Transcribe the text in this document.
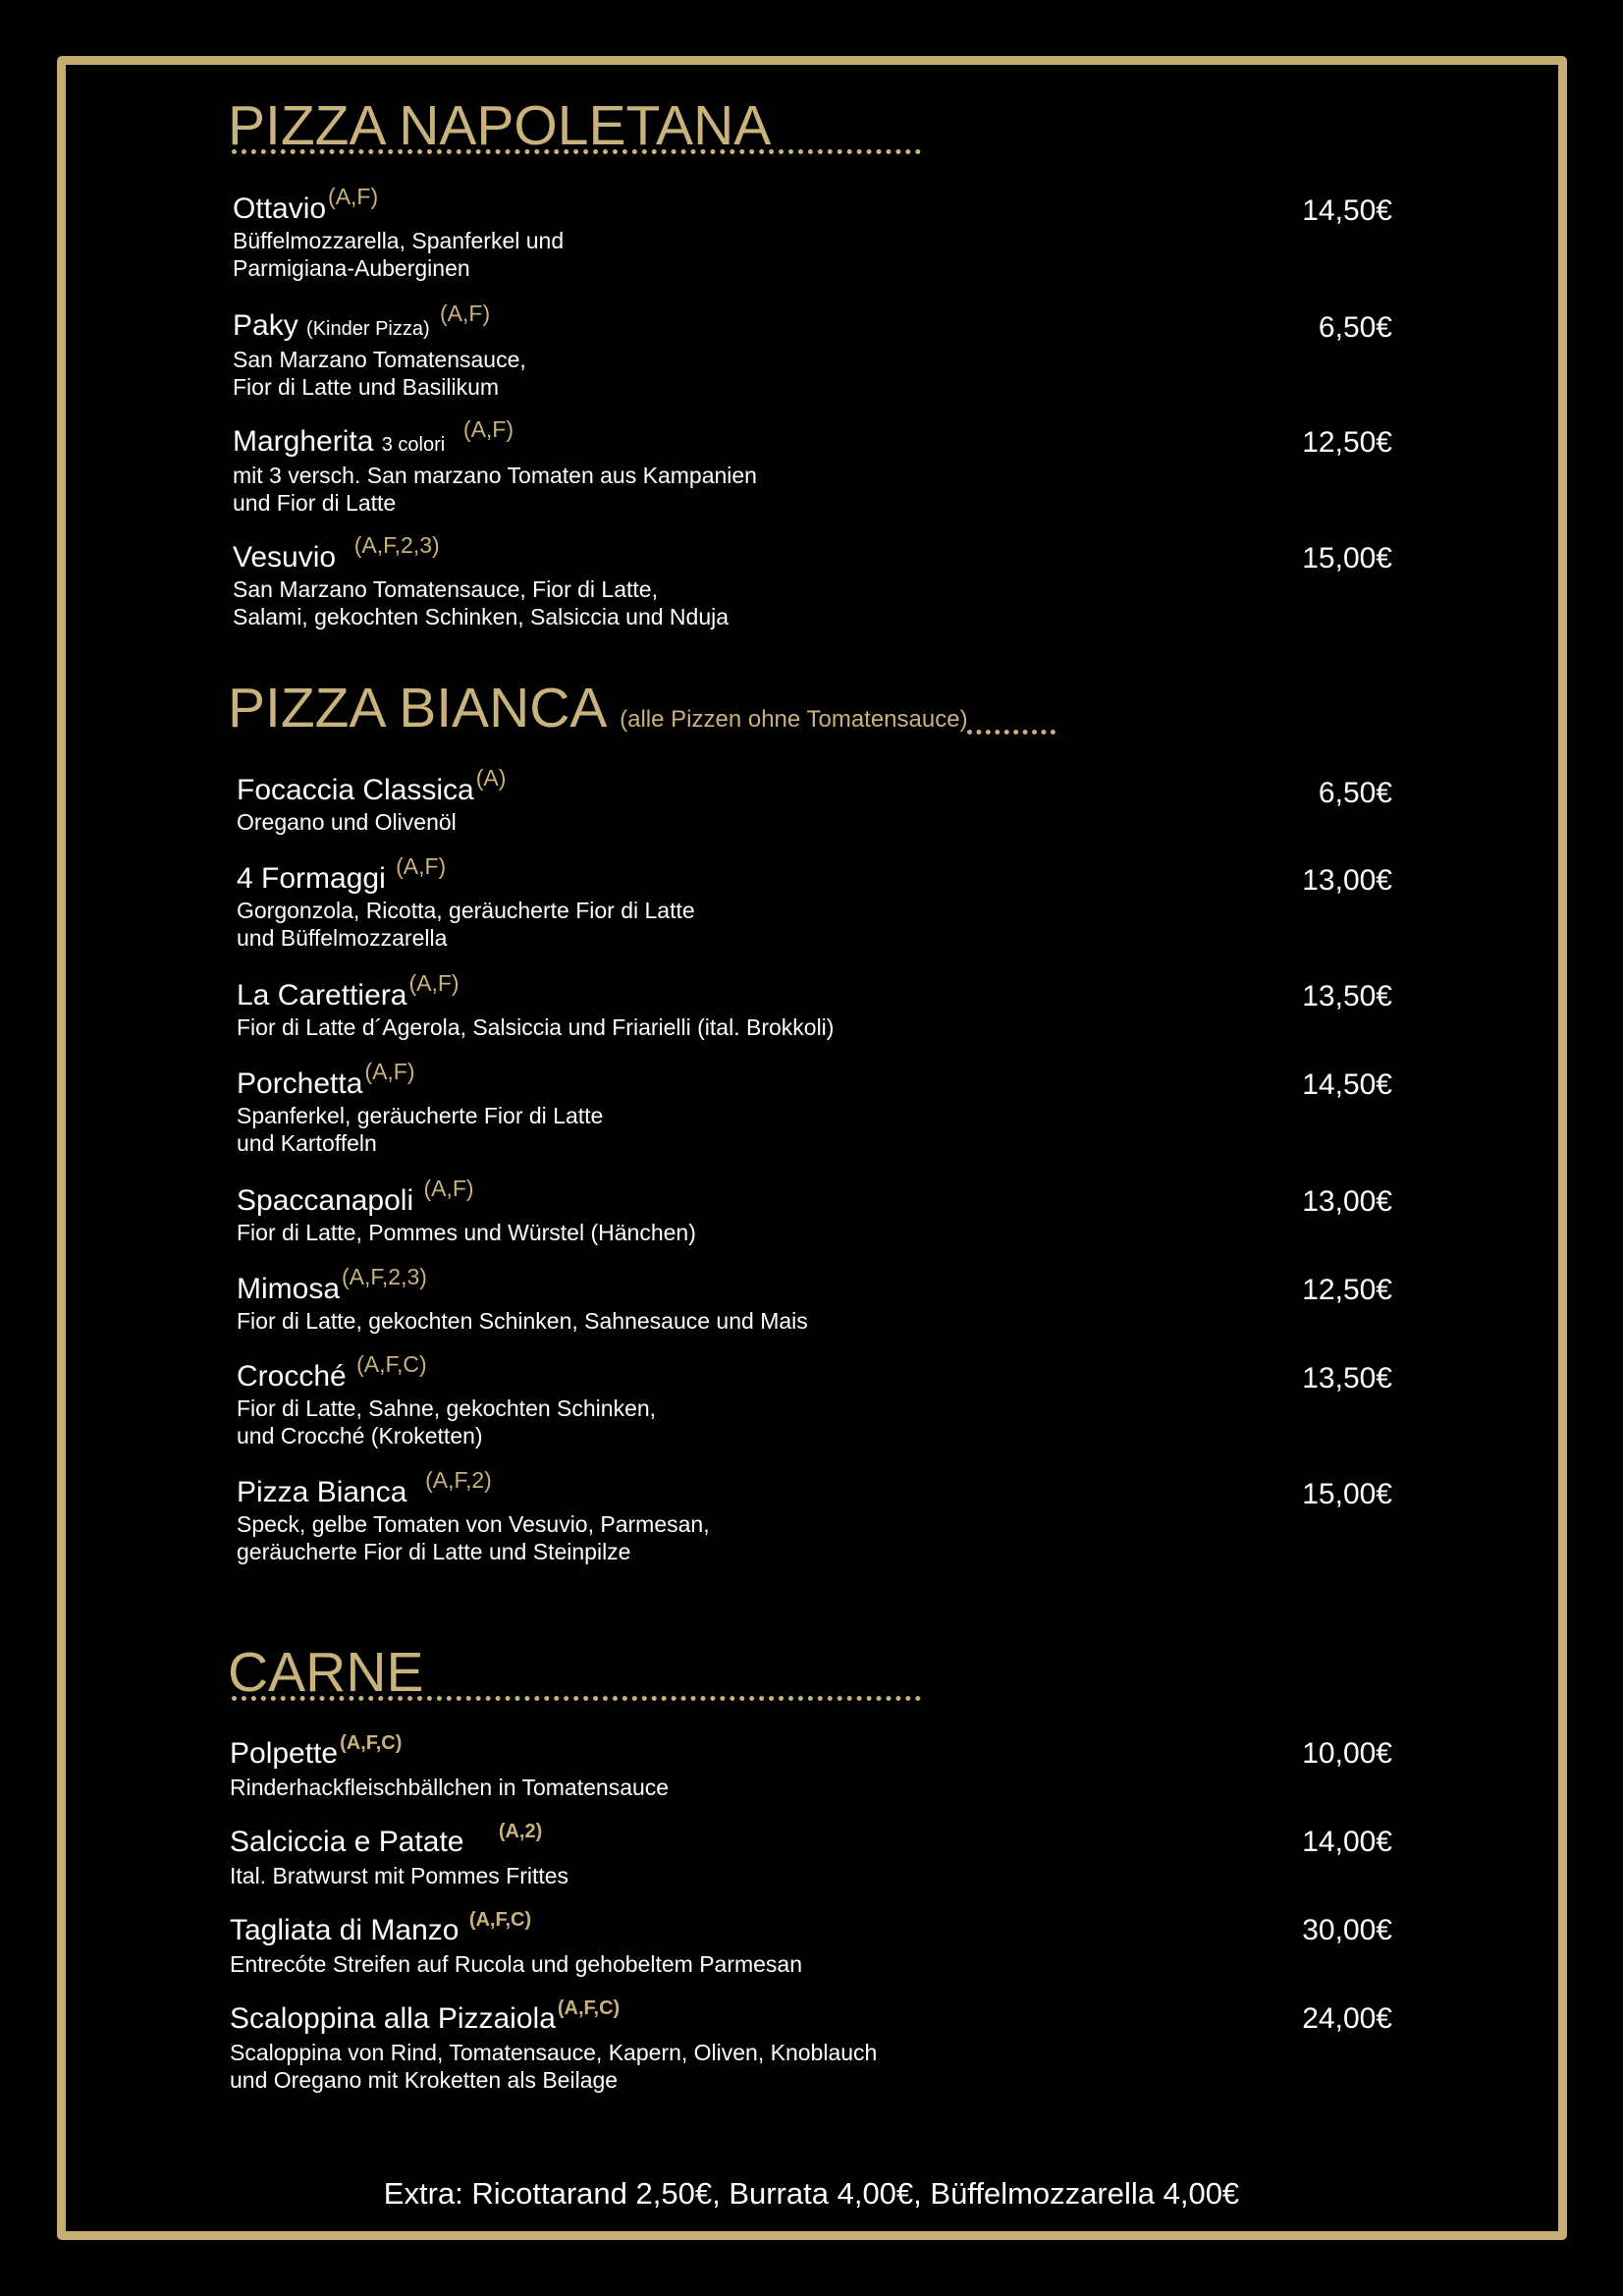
PIZZA NAPOLETANA
Ottavio$^{(A,F)}$
Büffelmozzarella, Spanferkel und
Parmigiana-Auberginen
14,50€
Paky (Kinder Pizza) $^{(A,F)}$
San Marzano Tomatensauce,
Fior di Latte und Basilikum
6,50€
Margherita 3 colori  $^{(A,F)}$
mit 3 versch. San marzano Tomaten aus Kampanien
und Fior di Latte
12,50€
Vesuvio $^{(A,F,2,3)}$
San Marzano Tomatensauce, Fior di Latte,
Salami, gekochten Schinken, Salsiccia und Nduja
15,00€
PIZZA BIANCA (alle Pizzen ohne Tomatensauce)
Focaccia Classica$^{(A)}$
Oregano und Olivenöl
6,50€
4 Formaggi $^{(A,F)}$
Gorgonzola, Ricotta, geräucherte Fior di Latte
und Büffelmozzarella
13,00€
La Carettiera$^{(A,F)}$
Fior di Latte d´Agerola, Salsiccia und Friarielli (ital. Brokkoli)
13,50€
Porchetta$^{(A,F)}$
Spanferkel, geräucherte Fior di Latte
und Kartoffeln
14,50€
Spaccanapoli $^{(A,F)}$
Fior di Latte, Pommes und Würstel (Hänchen)
13,00€
Mimosa$^{(A,F,2,3)}$
Fior di Latte, gekochten Schinken, Sahnesauce und Mais
12,50€
Crocché $^{(A,F,C)}$
Fior di Latte, Sahne, gekochten Schinken,
und Crocché (Kroketten)
13,50€
Pizza Bianca $^{(A,F,2)}$
Speck, gelbe Tomaten von Vesuvio, Parmesan,
geräucherte Fior di Latte und Steinpilze
15,00€
CARNE
Polpette $^{(A,F,C)}$
Rinderhackfleischbällchen in Tomatensauce
10,00€
Salciccia e Patate $^{(A,2)}$
Ital. Bratwurst mit Pommes Frittes
14,00€
Tagliata di Manzo $^{(A,F,C)}$
Entrecóte Streifen auf Rucola und gehobeltem Parmesan
30,00€
Scaloppina alla Pizzaiola $^{(A,F,C)}$
Scaloppina von Rind, Tomatensauce, Kapern, Oliven, Knoblauch
und Oregano mit Kroketten als Beilage
24,00€
Extra: Ricottarand 2,50€, Burrata 4,00€, Büffelmozzarella 4,00€
